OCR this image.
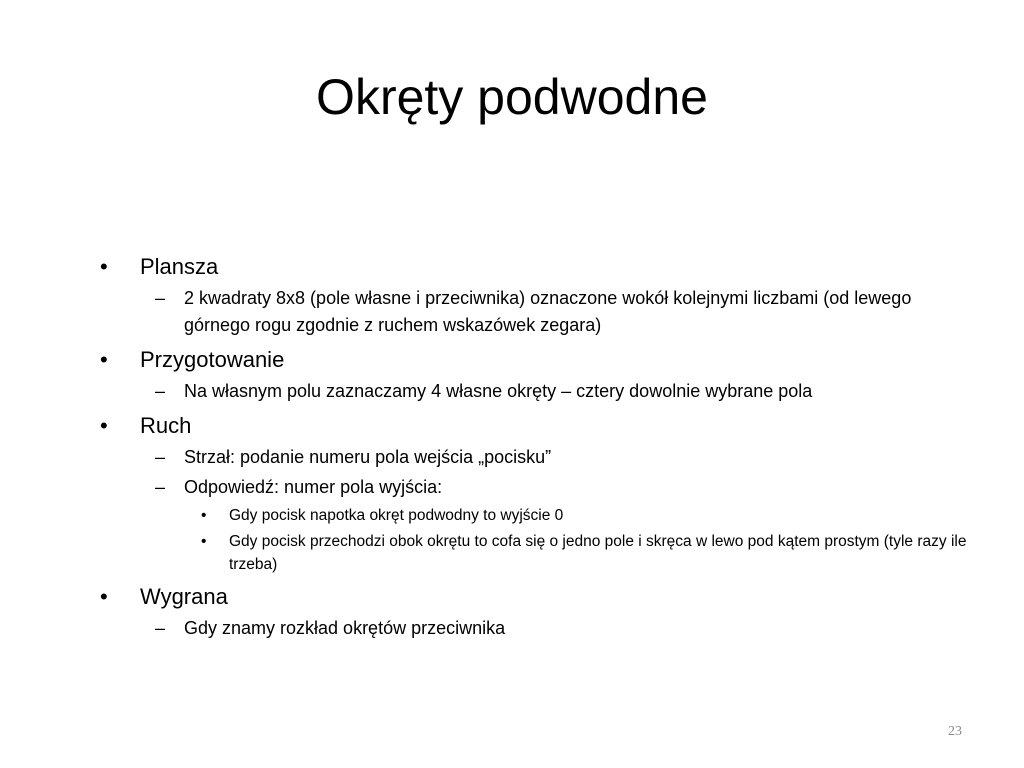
Okręty podwodne
• Plansza
– 2 kwadraty 8x8 (pole własne i przeciwnika) oznaczone wokół kolejnymi liczbami (od lewego górnego rogu zgodnie z ruchem wskazówek zegara)
• Przygotowanie
– Na własnym polu zaznaczamy 4 własne okręty – cztery dowolnie wybrane pola
• Ruch
– Strzał: podanie numeru pola wejścia „pocisku”
– Odpowiedź: numer pola wyjścia:
• Gdy pocisk napotka okręt podwodny to wyjście 0
• Gdy pocisk przechodzi obok okrętu to cofa się o jedno pole i skręca w lewo pod kątem prostym (tyle razy ile trzeba)
• Wygrana
– Gdy znamy rozkład okrętów przeciwnika
23
